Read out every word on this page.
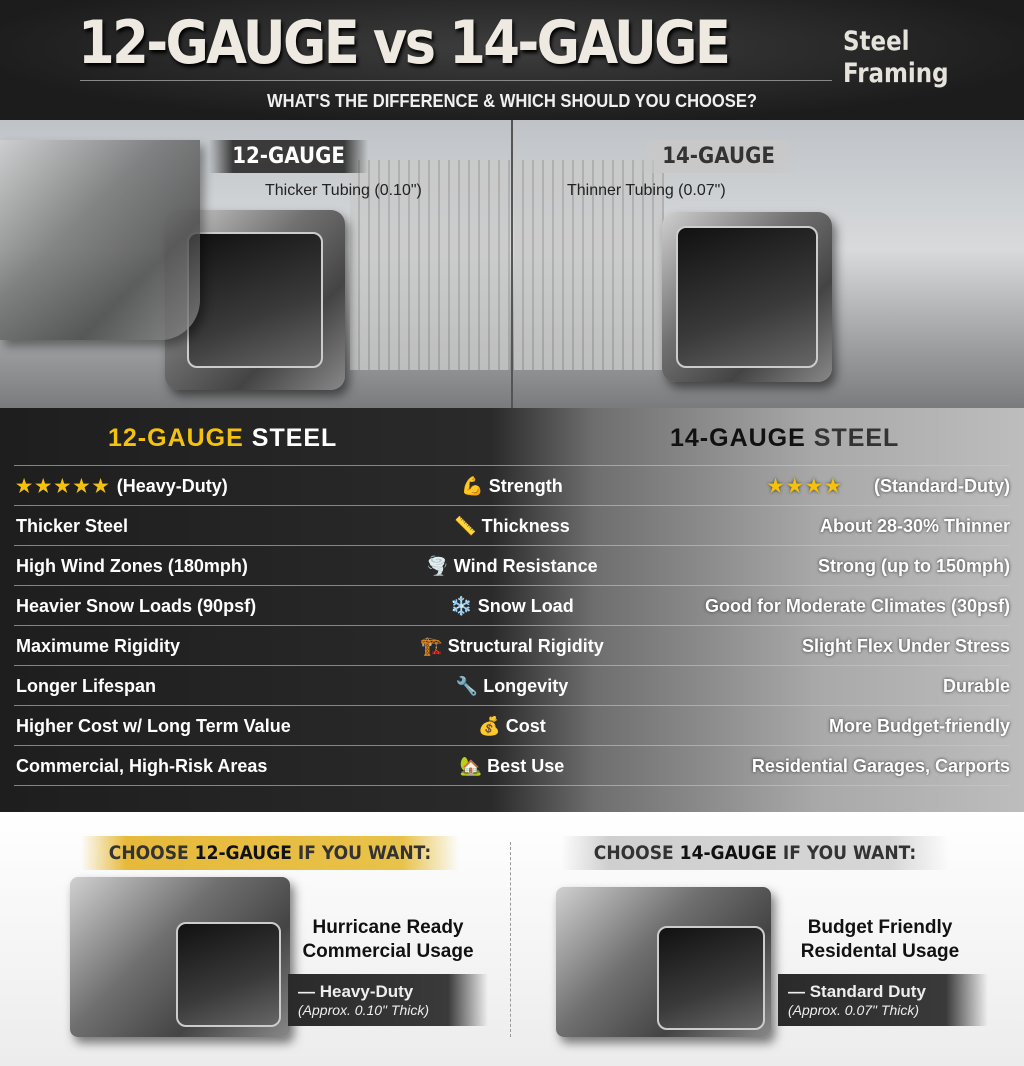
12-GAUGE vs 14-GAUGE	Steel
Framing
WHAT'S THE DIFFERENCE & WHICH SHOULD YOU CHOOSE?
12-GAUGE
Thicker Tubing (0.10")
14-GAUGE
Thinner Tubing (0.07")
12-GAUGE STEEL	14-GAUGE STEEL
★★★★★ (Heavy-Duty)	💪 Strength	★★★★ (Standard-Duty)
Thicker Steel	📏 Thickness	About 28-30% Thinner
High Wind Zones (180mph)	🌪️ Wind Resistance	Strong (up to 150mph)
Heavier Snow Loads (90psf)	❄️ Snow Load	Good for Moderate Climates (30psf)
Maximume Rigidity	🏗️ Structural Rigidity	Slight Flex Under Stress
Longer Lifespan	🔧 Longevity	Durable
Higher Cost w/ Long Term Value	💰 Cost	More Budget-friendly
Commercial, High-Risk Areas	🏡 Best Use	Residential Garages, Carports
CHOOSE 12-GAUGE IF YOU WANT:	CHOOSE 14-GAUGE IF YOU WANT:
Hurricane Ready
Commercial Usage
— Heavy-Duty
(Approx. 0.10" Thick)
Budget Friendly
Residental Usage
— Standard Duty
(Approx. 0.07" Thick)
